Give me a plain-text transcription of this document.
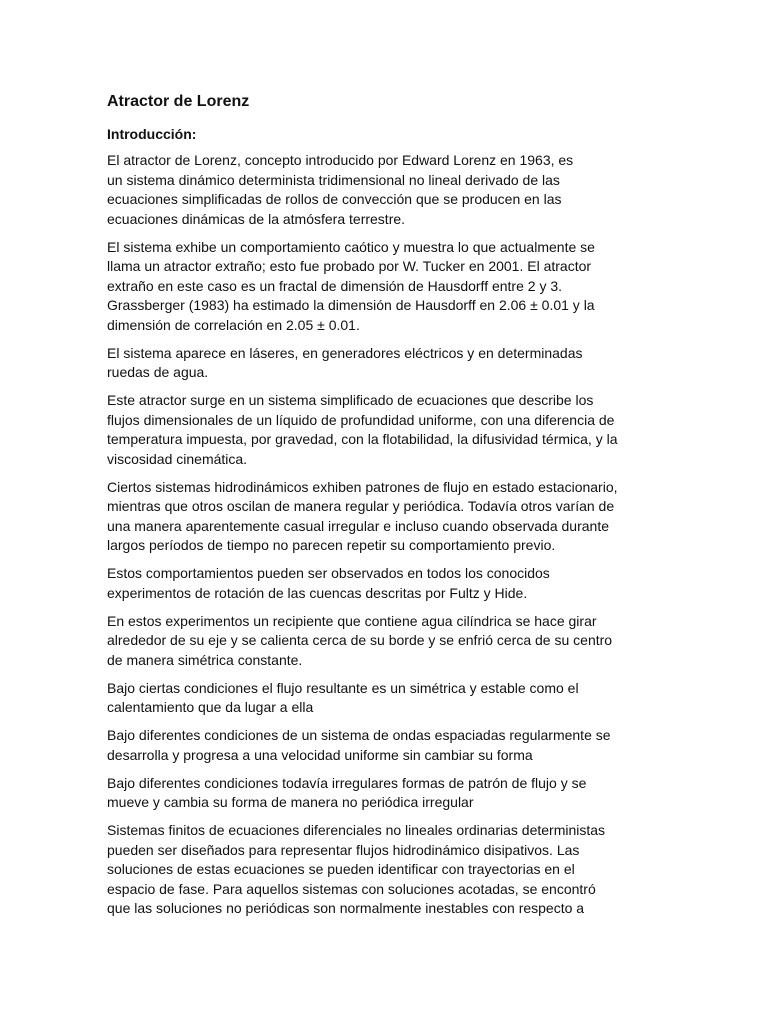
Atractor de Lorenz
Introducción:

El atractor de Lorenz, concepto introducido por Edward Lorenz en 1963, es
un sistema dinámico determinista tridimensional no lineal derivado de las
ecuaciones simplificadas de rollos de convección que se producen en las
ecuaciones dinámicas de la atmósfera terrestre.

El sistema exhibe un comportamiento caótico y muestra lo que actualmente se
llama un atractor extraño; esto fue probado por W. Tucker en 2001. El atractor
extraño en este caso es un fractal de dimensión de Hausdorff entre 2 y 3.
Grassberger (1983) ha estimado la dimensión de Hausdorff en 2.06 ± 0.01 y la
dimensión de correlación en 2.05 ± 0.01.

El sistema aparece en láseres, en generadores eléctricos y en determinadas
ruedas de agua.

Este atractor surge en un sistema simplificado de ecuaciones que describe los
flujos dimensionales de un líquido de profundidad uniforme, con una diferencia de
temperatura impuesta, por gravedad, con la flotabilidad, la difusividad térmica, y la
viscosidad cinemática.

Ciertos sistemas hidrodinámicos exhiben patrones de flujo en estado estacionario,
mientras que otros oscilan de manera regular y periódica. Todavía otros varían de
una manera aparentemente casual irregular e incluso cuando observada durante
largos períodos de tiempo no parecen repetir su comportamiento previo.

Estos comportamientos pueden ser observados en todos los conocidos
experimentos de rotación de las cuencas descritas por Fultz y Hide.

En estos experimentos un recipiente que contiene agua cilíndrica se hace girar
alrededor de su eje y se calienta cerca de su borde y se enfrió cerca de su centro
de manera simétrica constante.

Bajo ciertas condiciones el flujo resultante es un simétrica y estable como el
calentamiento que da lugar a ella

Bajo diferentes condiciones de un sistema de ondas espaciadas regularmente se
desarrolla y progresa a una velocidad uniforme sin cambiar su forma

Bajo diferentes condiciones todavía irregulares formas de patrón de flujo y se
mueve y cambia su forma de manera no periódica irregular

Sistemas finitos de ecuaciones diferenciales no lineales ordinarias deterministas
pueden ser diseñados para representar flujos hidrodinámico disipativos. Las
soluciones de estas ecuaciones se pueden identificar con trayectorias en el
espacio de fase. Para aquellos sistemas con soluciones acotadas, se encontró
que las soluciones no periódicas son normalmente inestables con respecto a
